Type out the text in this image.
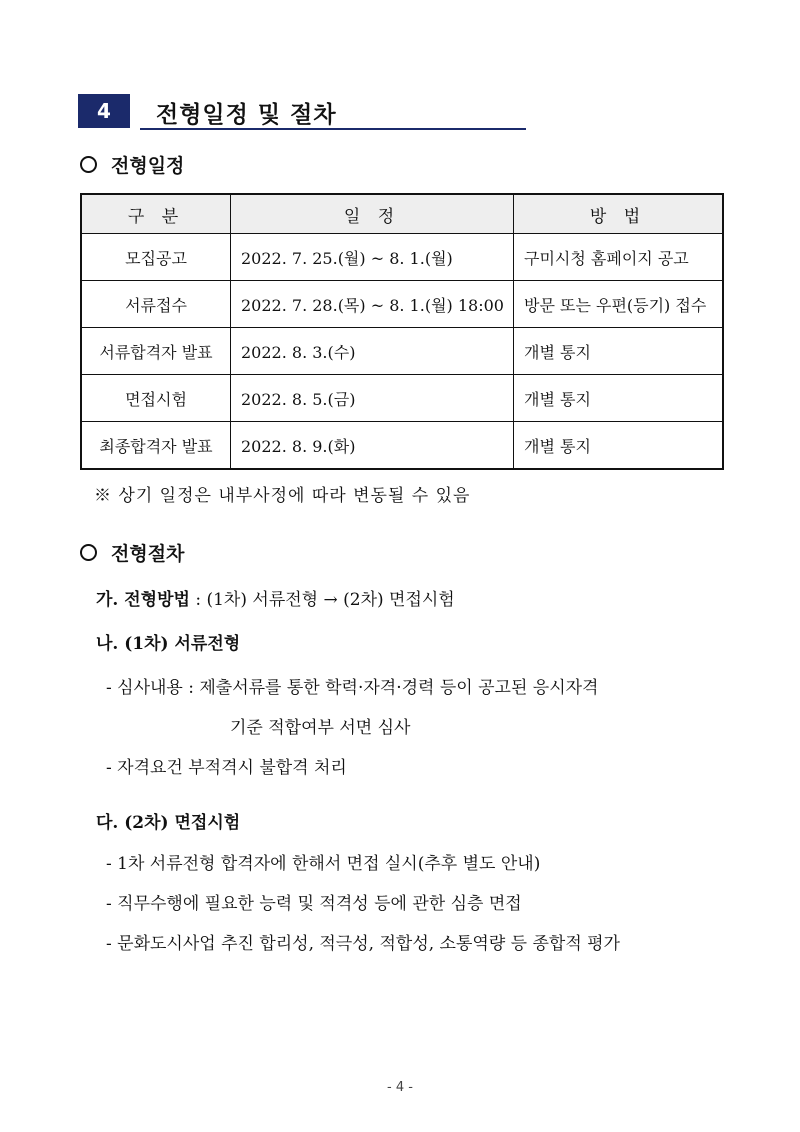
4	전형일정 및 절차
전형일정
구 분	일 정	방 법
모집공고	2022. 7. 25.(월) ~ 8. 1.(월)	구미시청 홈페이지 공고
서류접수	2022. 7. 28.(목) ~ 8. 1.(월) 18:00	방문 또는 우편(등기) 접수
서류합격자 발표	2022. 8. 3.(수)	개별 통지
면접시험	2022. 8. 5.(금)	개별 통지
최종합격자 발표	2022. 8. 9.(화)	개별 통지
※ 상기 일정은 내부사정에 따라 변동될 수 있음
전형절차
가. 전형방법 : (1차) 서류전형 → (2차) 면접시험
나. (1차) 서류전형
- 심사내용 : 제출서류를 통한 학력·자격·경력 등이 공고된 응시자격
기준 적합여부 서면 심사
- 자격요건 부적격시 불합격 처리
다. (2차) 면접시험
- 1차 서류전형 합격자에 한해서 면접 실시(추후 별도 안내)
- 직무수행에 필요한 능력 및 적격성 등에 관한 심층 면접
- 문화도시사업 추진 합리성, 적극성, 적합성, 소통역량 등 종합적 평가
- 4 -
